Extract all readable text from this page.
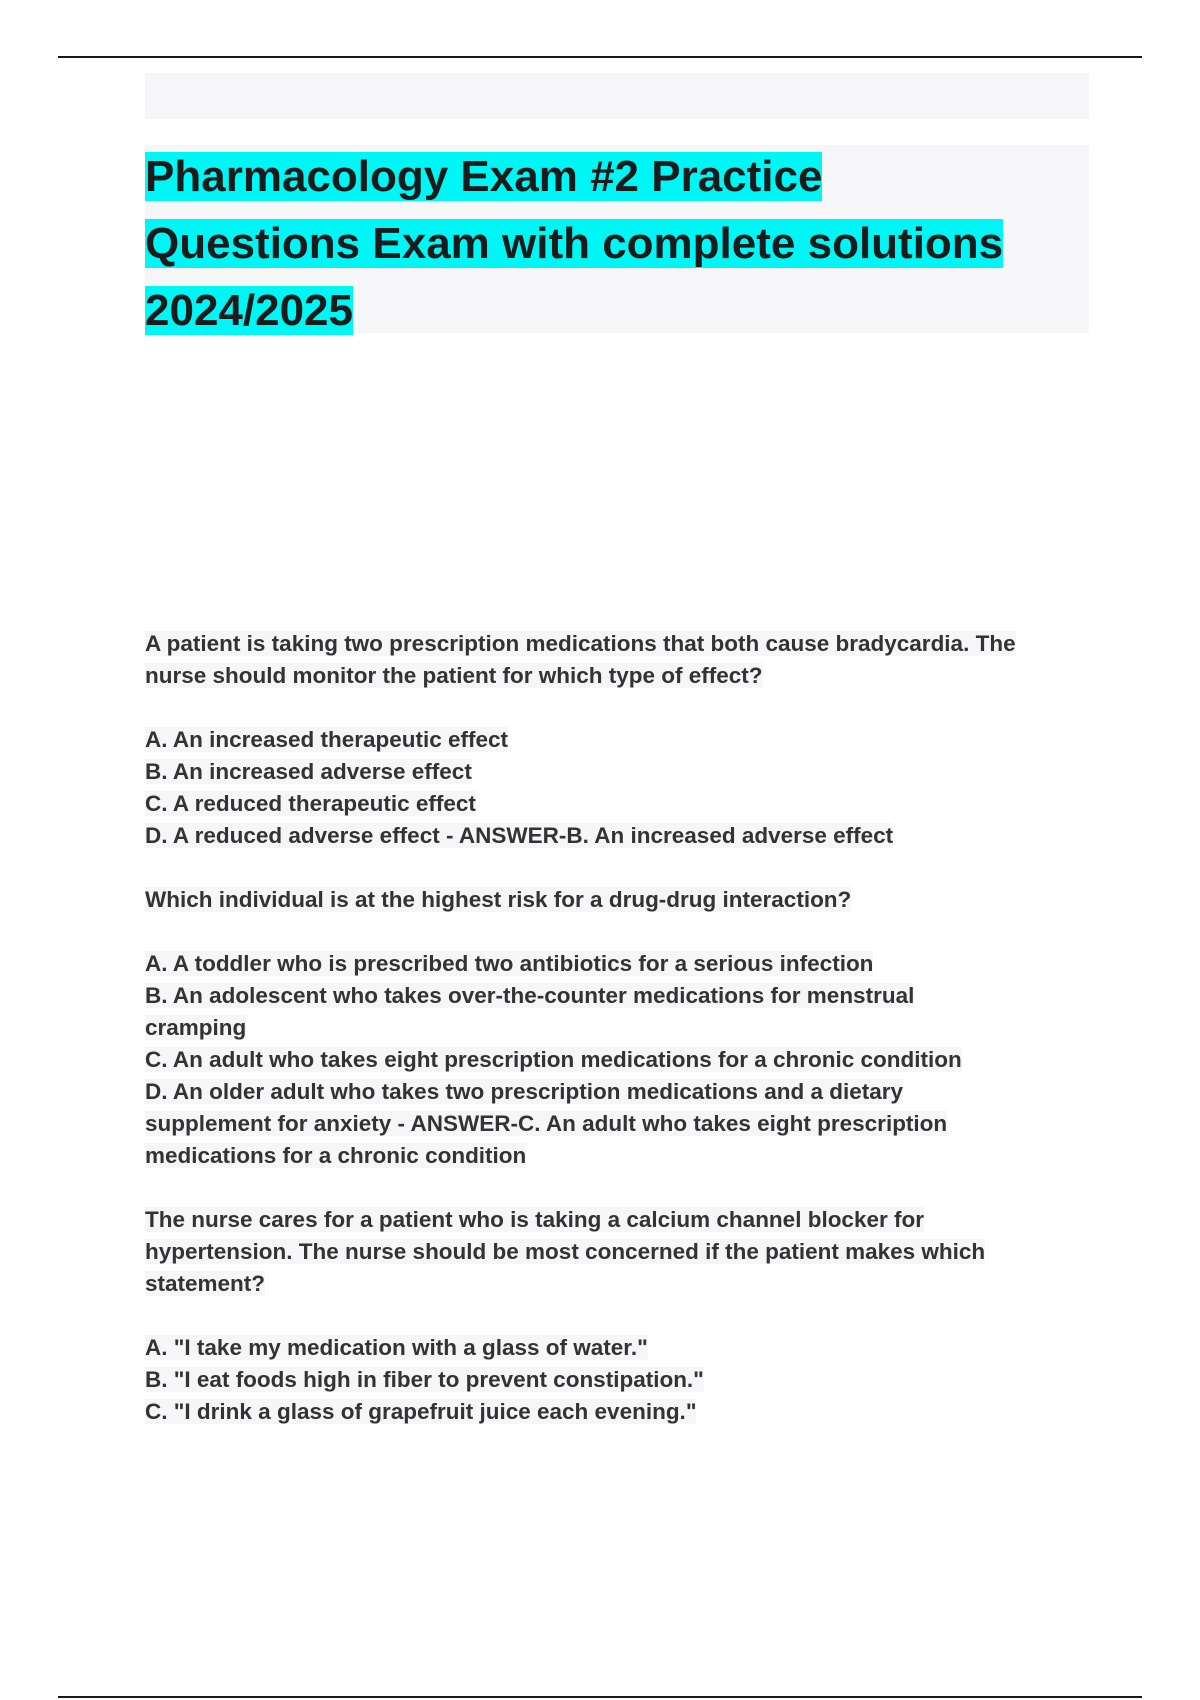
Pharmacology Exam #2 Practice
Questions Exam with complete solutions
2024/2025
A patient is taking two prescription medications that both cause bradycardia. The
nurse should monitor the patient for which type of effect?
A. An increased therapeutic effect
B. An increased adverse effect
C. A reduced therapeutic effect
D. A reduced adverse effect - ANSWER-B. An increased adverse effect
Which individual is at the highest risk for a drug-drug interaction?
A. A toddler who is prescribed two antibiotics for a serious infection
B. An adolescent who takes over-the-counter medications for menstrual
cramping
C. An adult who takes eight prescription medications for a chronic condition
D. An older adult who takes two prescription medications and a dietary
supplement for anxiety - ANSWER-C. An adult who takes eight prescription
medications for a chronic condition
The nurse cares for a patient who is taking a calcium channel blocker for
hypertension. The nurse should be most concerned if the patient makes which
statement?
A. "I take my medication with a glass of water."
B. "I eat foods high in fiber to prevent constipation."
C. "I drink a glass of grapefruit juice each evening."
